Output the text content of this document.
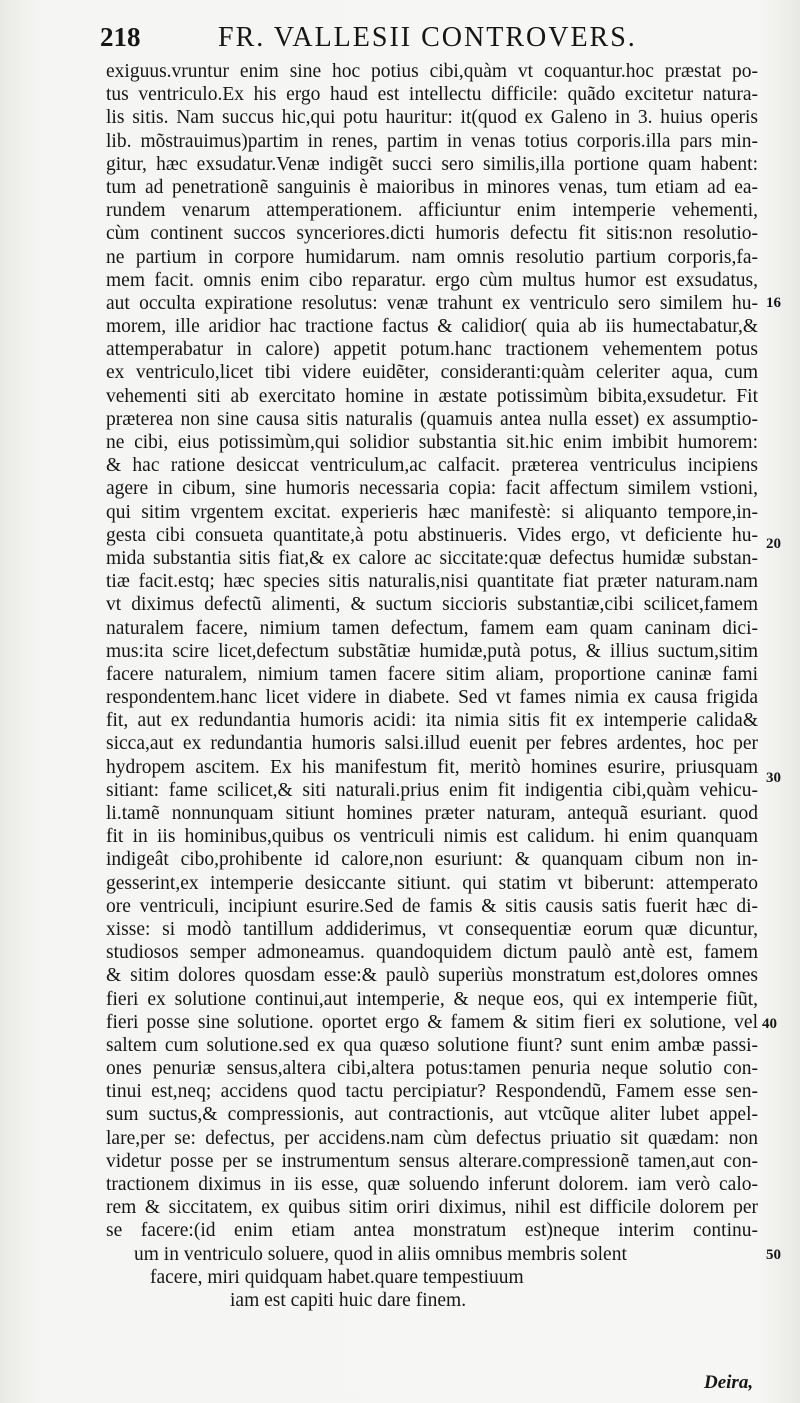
218	FR. VALLESII CONTROVERS.
exiguus.vruntur enim sine hoc potius cibi,quàm vt coquantur.hoc præstat po-
tus ventriculo.Ex his ergo haud est intellectu difficile: quãdo excitetur natura-
lis sitis. Nam succus hic,qui potu hauritur: it(quod ex Galeno in 3. huius operis
lib. mõstrauimus)partim in renes, partim in venas totius corporis.illa pars min-
gitur, hæc exsudatur.Venæ indigẽt succi sero similis,illa portione quam habent:
tum ad penetrationẽ sanguinis è maioribus in minores venas, tum etiam ad ea-
rundem venarum attemperationem. afficiuntur enim intemperie vehementi,
cùm continent succos synceriores.dicti humoris defectu fit sitis:non resolutio-
ne partium in corpore humidarum. nam omnis resolutio partium corporis,fa-
mem facit. omnis enim cibo reparatur. ergo cùm multus humor est exsudatus,
aut occulta expiratione resolutus: venæ trahunt ex ventriculo sero similem hu-
morem, ille aridior hac tractione factus & calidior( quia ab iis humectabatur,&
attemperabatur in calore) appetit potum.hanc tractionem vehementem potus
ex ventriculo,licet tibi videre euidẽter, consideranti:quàm celeriter aqua, cum
vehementi siti ab exercitato homine in æstate potissimùm bibita,exsudetur. Fit
præterea non sine causa sitis naturalis (quamuis antea nulla esset) ex assumptio-
ne cibi, eius potissimùm,qui solidior substantia sit.hic enim imbibit humorem:
& hac ratione desiccat ventriculum,ac calfacit. præterea ventriculus incipiens
agere in cibum, sine humoris necessaria copia: facit affectum similem vstioni,
qui sitim vrgentem excitat. experieris hæc manifestè: si aliquanto tempore,in-
gesta cibi consueta quantitate,à potu abstinueris. Vides ergo, vt deficiente hu-
mida substantia sitis fiat,& ex calore ac siccitate:quæ defectus humidæ substan-
tiæ facit.estq; hæc species sitis naturalis,nisi quantitate fiat præter naturam.nam
vt diximus defectũ alimenti, & suctum siccioris substantiæ,cibi scilicet,famem
naturalem facere, nimium tamen defectum, famem eam quam caninam dici-
mus:ita scire licet,defectum substãtiæ humidæ,putà potus, & illius suctum,sitim
facere naturalem, nimium tamen facere sitim aliam, proportione caninæ fami
respondentem.hanc licet videre in diabete. Sed vt fames nimia ex causa frigida
fit, aut ex redundantia humoris acidi: ita nimia sitis fit ex intemperie calida&
sicca,aut ex redundantia humoris salsi.illud euenit per febres ardentes, hoc per
hydropem ascitem. Ex his manifestum fit, meritò homines esurire, priusquam
sitiant: fame scilicet,& siti naturali.prius enim fit indigentia cibi,quàm vehicu-
li.tamẽ nonnunquam sitiunt homines præter naturam, antequã esuriant. quod
fit in iis hominibus,quibus os ventriculi nimis est calidum. hi enim quanquam
indigeât cibo,prohibente id calore,non esuriunt: & quanquam cibum non in-
gesserint,ex intemperie desiccante sitiunt. qui statim vt biberunt: attemperato
ore ventriculi, incipiunt esurire.Sed de famis & sitis causis satis fuerit hæc di-
xisse: si modò tantillum addiderimus, vt consequentiæ eorum quæ dicuntur,
studiosos semper admoneamus. quandoquidem dictum paulò antè est, famem
& sitim dolores quosdam esse:& paulò superiùs monstratum est,dolores omnes
fieri ex solutione continui,aut intemperie, & neque eos, qui ex intemperie fiũt,
fieri posse sine solutione. oportet ergo & famem & sitim fieri ex solutione, vel
saltem cum solutione.sed ex qua quæso solutione fiunt? sunt enim ambæ passi-
ones penuriæ sensus,altera cibi,altera potus:tamen penuria neque solutio con-
tinui est,neq; accidens quod tactu percipiatur? Respondendũ, Famem esse sen-
sum suctus,& compressionis, aut contractionis, aut vtcũque aliter lubet appel-
lare,per se: defectus, per accidens.nam cùm defectus priuatio sit quædam: non
videtur posse per se instrumentum sensus alterare.compressionẽ tamen,aut con-
tractionem diximus in iis esse, quæ soluendo inferunt dolorem. iam verò calo-
rem & siccitatem, ex quibus sitim oriri diximus, nihil est difficile dolorem per
se facere:(id enim etiam antea monstratum est)neque interim continu-
um in ventriculo soluere, quod in aliis omnibus membris solent
facere, miri quidquam habet.quare tempestiuum
iam est capiti huic dare finem.
16
20
30
40
50
Deira,
